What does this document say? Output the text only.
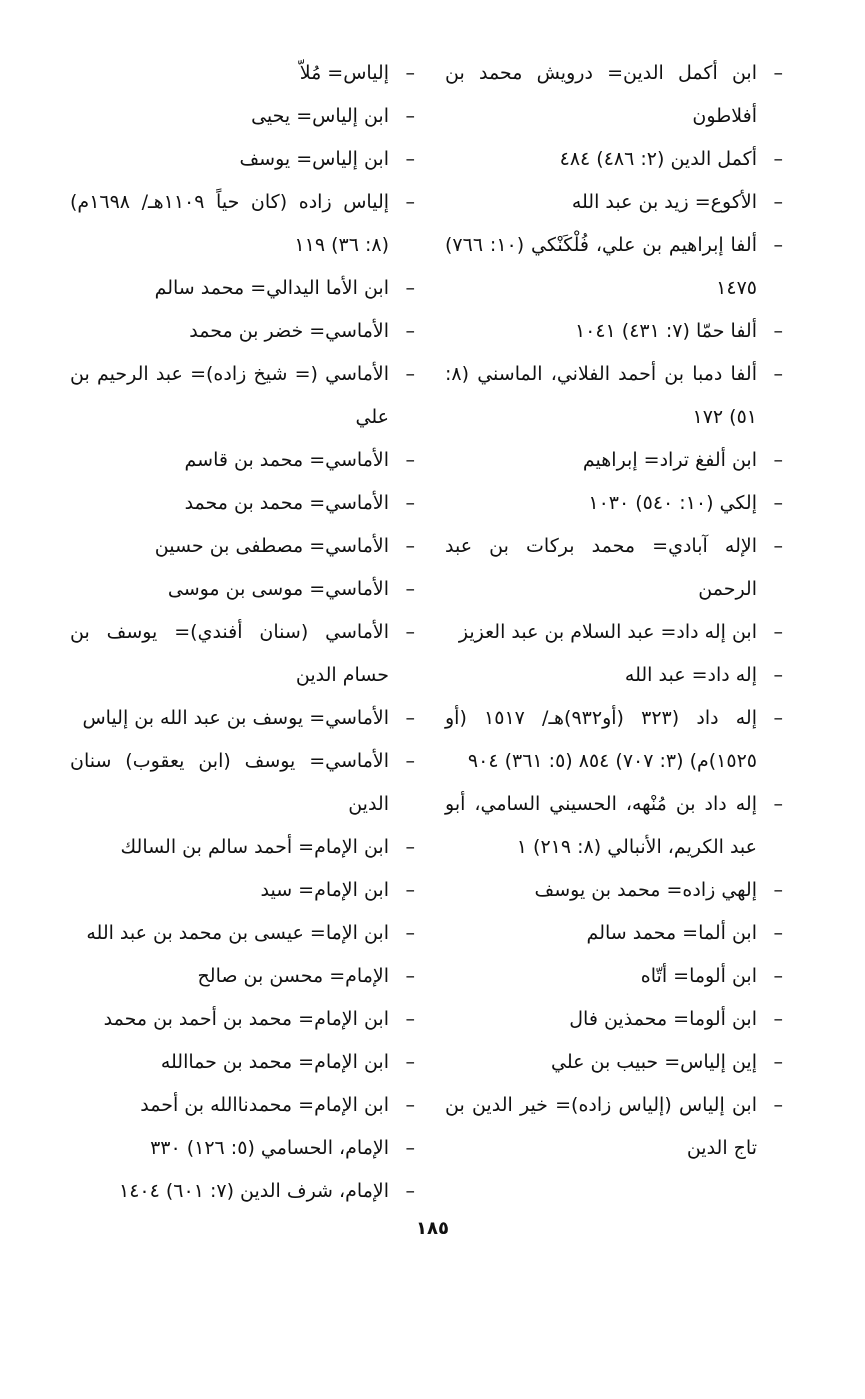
–
ابن أكمل الدين= درويش محمد بن أفلاطون
–
أكمل الدين (٢: ٤٨٦) ٤٨٤
–
الأكوع= زيد بن عبد الله
–
ألفا إبراهيم بن علي، فُلْكَنْكي (١٠: ٧٦٦) ١٤٧٥
–
ألفا حمّا (٧: ٤٣١) ١٠٤١
–
ألفا دمبا بن أحمد الفلاني، الماسني (٨: ٥١) ١٧٢
–
ابن ألفغ تراد= إبراهيم
–
إلكي (١٠: ٥٤٠) ١٠٣٠
–
الإله آبادي= محمد بركات بن عبد الرحمن
–
ابن إله داد= عبد السلام بن عبد العزيز
–
إله داد= عبد الله
–
إله داد (٣٢٣ (أو٩٣٢)هـ/ ١٥١٧ (أو ١٥٢٥)م) (٣: ٧٠٧) ٨٥٤ (٥: ٣٦١) ٩٠٤
–
إله داد بن مُنْهه، الحسيني السامي، أبو عبد الكريم، الأنبالي (٨: ٢١٩) ١
–
إلهي زاده= محمد بن يوسف
–
ابن ألما= محمد سالم
–
ابن ألوما= أتّاه
–
ابن ألوما= محمذين فال
–
إين إلياس= حبيب بن علي
–
ابن إلياس (إلياس زاده)= خير الدين بن تاج الدين
–
إلياس= مُلاّ
–
ابن إلياس= يحيى
–
ابن إلياس= يوسف
–
إلياس زاده (كان حياً ١١٠٩هـ/ ١٦٩٨م) (٨: ٣٦) ١١٩
–
ابن الأما اليدالي= محمد سالم
–
الأماسي= خضر بن محمد
–
الأماسي (= شيخ زاده)= عبد الرحيم بن علي
–
الأماسي= محمد بن قاسم
–
الأماسي= محمد بن محمد
–
الأماسي= مصطفى بن حسين
–
الأماسي= موسى بن موسى
–
الأماسي (سنان أفندي)= يوسف بن حسام الدين
–
الأماسي= يوسف بن عبد الله بن إلياس
–
الأماسي= يوسف (ابن يعقوب) سنان الدين
–
ابن الإمام= أحمد سالم بن السالك
–
ابن الإمام= سيد
–
ابن الإما= عيسى بن محمد بن عبد الله
–
الإمام= محسن بن صالح
–
ابن الإمام= محمد بن أحمد بن محمد
–
ابن الإمام= محمد بن حماالله
–
ابن الإمام= محمدناالله بن أحمد
–
الإمام، الحسامي (٥: ١٢٦) ٣٣٠
–
الإمام، شرف الدين (٧: ٦٠١) ١٤٠٤
١٨٥
